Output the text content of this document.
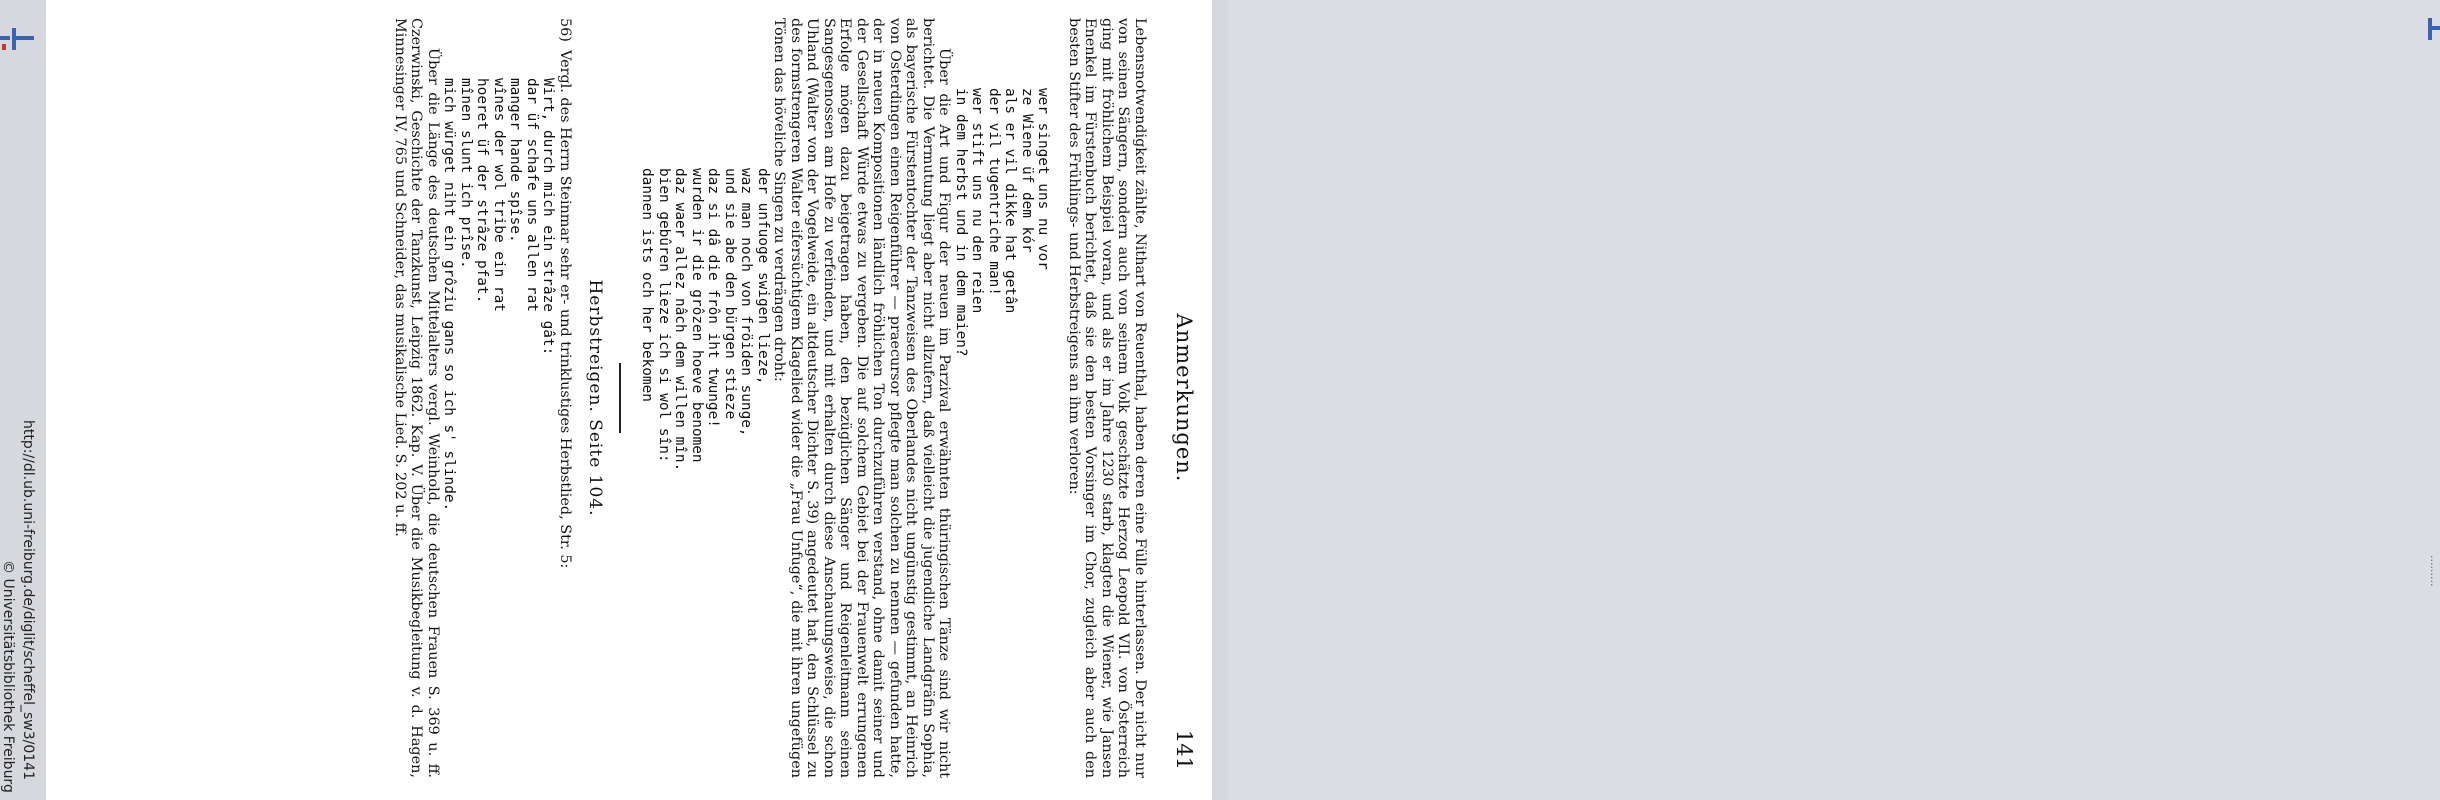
http://dl.ub.uni-freiburg.de/diglit/scheffel_sw3/0141
© Universitätsbibliothek Freiburg	·········
Anmerkungen.
141

Lebensnotwendigkeit zählte, Nithart von Reuenthal, haben deren eine Fülle hinterlassen. Der nicht nur von seinen Sängern, sondern auch von seinem Volk geschätzte Herzog Leopold VII. von Österreich ging mit fröhlichem Beispiel voran, und als er im Jahre 1230 starb, klagten die Wiener, wie Jansen Enenkel im Fürstenbuch berichtet, daß sie den besten Vorsinger im Chor, zugleich aber auch den besten Stifter des Frühlings- und Herbstreigens an ihm verloren:

wer singet uns nu vor
ze Wiene üf dem kór
als er vil dikke hat getân
der vil tugentriche man!
wer stift uns nu den reien
in dem herbst und in dem maien?

Über die Art und Figur der neuen im Parzival erwähnten thüringischen Tänze sind wir nicht berichtet. Die Vermutung liegt aber nicht allzufern, daß vielleicht die jugendliche Landgräfin Sophia, als bayerische Fürstentochter der Tanzweisen des Oberlandes nicht ungünstig gestimmt, an Heinrich von Osterdingen einen Reigenführer — praecursor pflegte man solchen zu nennen — gefunden hatte, der in neuen Kompositionen ländlich fröhlichen Ton durchzuführen verstand, ohne damit seiner und der Gesellschaft Würde etwas zu vergeben. Die auf solchem Gebiet bei der Frauenwelt errungenen Erfolge mögen dazu beigetragen haben, den bezüglichen Sänger und Reigenleitmann seinen Sangesgenossen am Hofe zu verfeinden, und mit erhalten durch diese Anschauungsweise, die schon Uhland (Walter von der Vogelweide, ein altdeutscher Dichter S. 39) angedeutet hat, den Schlüssel zu des formstrengeren Walter eifersüchtigem Klagelied wider die „Frau Unfuge“, die mit ihren ungefügen Tönen das höveliche Singen zu verdrängen droht:

der unfuoge swigen lieze,
waz man noch von fröiden sunge,
und sie abe den bürgen stieze
daz si dâ die frôn iht twunge!
wurden ir die grôzen hoeve benomen
daz waer allez nâch dem willen mîn.
bien gebûren lieze ich si wol sîn:
dannen ists och her bekomen
Herbstreigen. Seite 104.
56)
Vergl. des Herrn Steinmar sehr er- und trinklustiges Herbstlied, Str. 5:
Wirt, durch mich ein strâze gât:
dar üf schafe uns allen rat
manger hande spîse.
wînes der wol tribe ein rat
hoeret üf der strâze pfat.
mînen slunt ich prîse.
mich würget niht ein grôziu gans so ich s' slinde.

Über die Länge des deutschen Mittelalters vergl. Weinhold, die deutschen Frauen S. 369 u. ff. Czerwinski, Geschichte der Tanzkunst, Leipzig 1862. Kap. V. Über die Musikbegleitung v. d. Hagen, Minnesinger IV, 765 und Schneider, das musikalische Lied. S. 202 u. ff.
